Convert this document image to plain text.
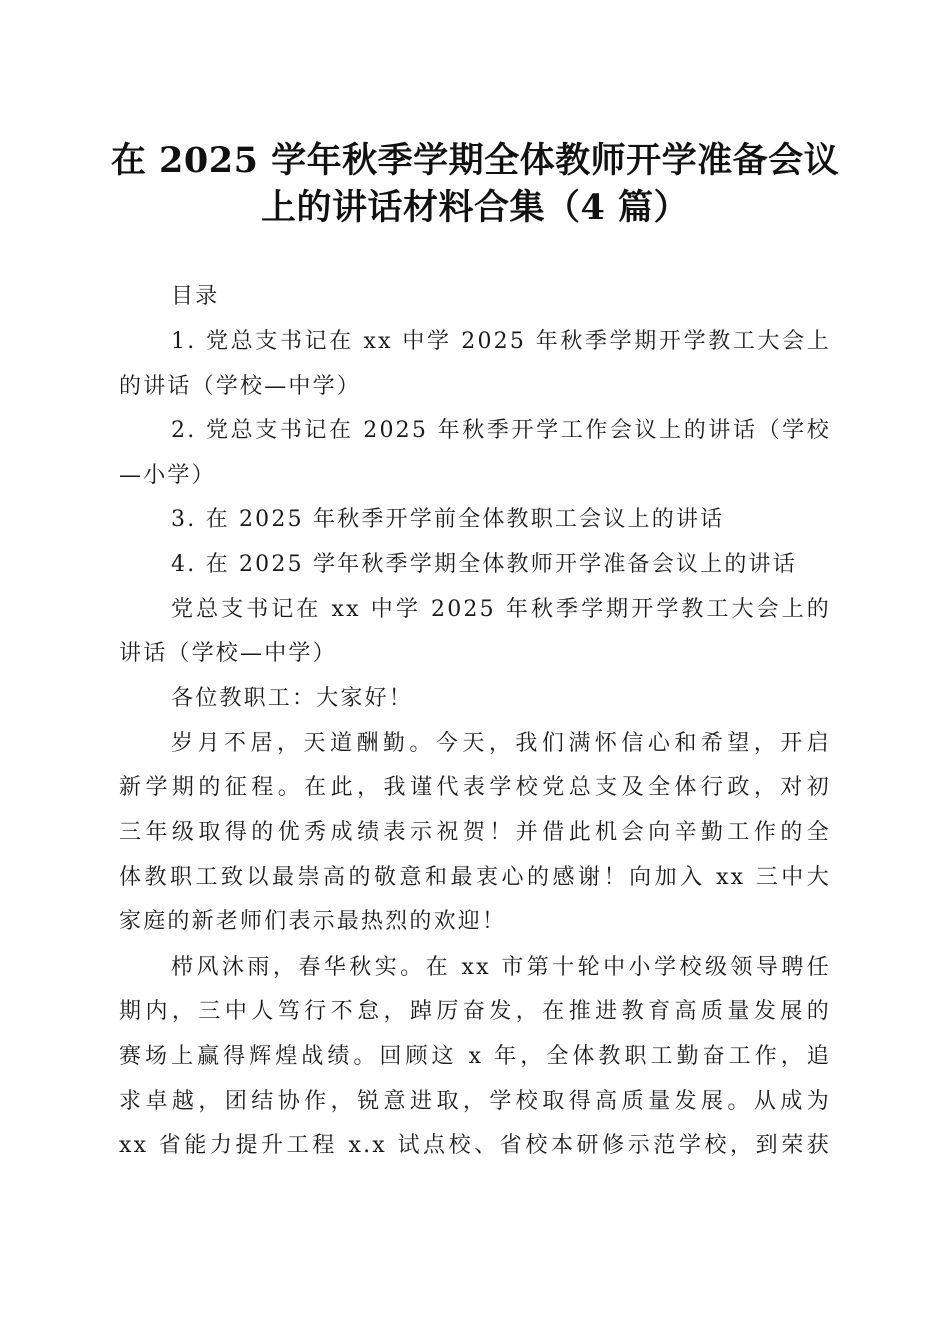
在 2025 学年秋季学期全体教师开学准备会议
上的讲话材料合集（4 篇）
目录
1. 党总支书记在 xx 中学 2025 年秋季学期开学教工大会上
的讲话（学校—中学）
2. 党总支书记在 2025 年秋季开学工作会议上的讲话（学校
—小学）
3. 在 2025 年秋季开学前全体教职工会议上的讲话
4. 在 2025 学年秋季学期全体教师开学准备会议上的讲话
党总支书记在 xx 中学 2025 年秋季学期开学教工大会上的
讲话（学校—中学）
各位教职工：大家好！
岁月不居，天道酬勤。今天，我们满怀信心和希望，开启
新学期的征程。在此，我谨代表学校党总支及全体行政，对初
三年级取得的优秀成绩表示祝贺！并借此机会向辛勤工作的全
体教职工致以最崇高的敬意和最衷心的感谢！向加入 xx 三中大
家庭的新老师们表示最热烈的欢迎！
栉风沐雨，春华秋实。在 xx 市第十轮中小学校级领导聘任
期内，三中人笃行不怠，踔厉奋发，在推进教育高质量发展的
赛场上赢得辉煌战绩。回顾这 x 年，全体教职工勤奋工作，追
求卓越，团结协作，锐意进取，学校取得高质量发展。从成为
xx 省能力提升工程 x.x 试点校、省校本研修示范学校，到荣获
